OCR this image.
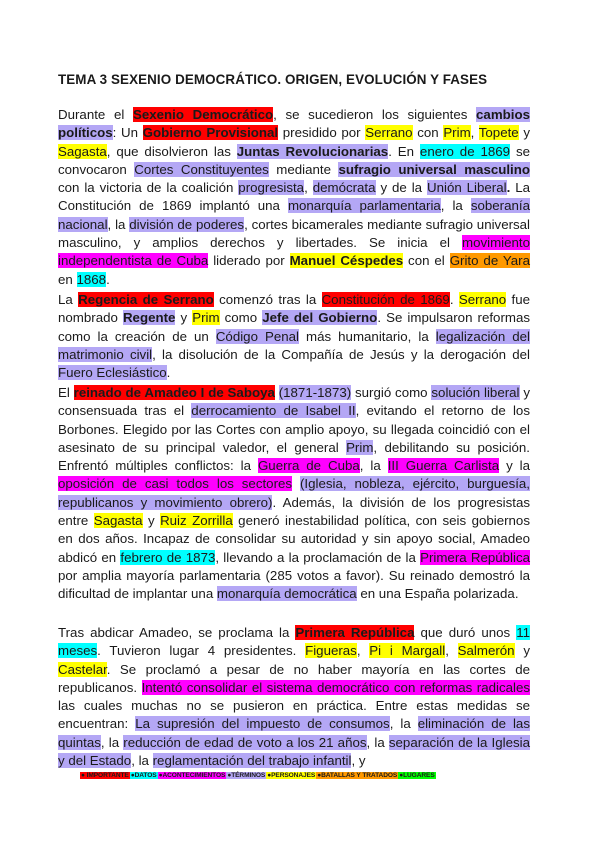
TEMA 3 SEXENIO DEMOCRÁTICO. ORIGEN, EVOLUCIÓN Y FASES
Durante el Sexenio Democrático, se sucedieron los siguientes cambios políticos: Un Gobierno Provisional presidido por Serrano con Prim, Topete y Sagasta, que disolvieron las Juntas Revolucionarias. En enero de 1869 se convocaron Cortes Constituyentes mediante sufragio universal masculino con la victoria de la coalición progresista, demócrata y de la Unión Liberal. La Constitución de 1869 implantó una monarquía parlamentaria, la soberanía nacional, la división de poderes, cortes bicamerales mediante sufragio universal masculino, y amplios derechos y libertades. Se inicia el movimiento independentista de Cuba liderado por Manuel Céspedes con el Grito de Yara en 1868.
La Regencia de Serrano comenzó tras la Constitución de 1869. Serrano fue nombrado Regente y Prim como Jefe del Gobierno. Se impulsaron reformas como la creación de un Código Penal más humanitario, la legalización del matrimonio civil, la disolución de la Compañía de Jesús y la derogación del Fuero Eclesiástico.
El reinado de Amadeo I de Saboya (1871-1873) surgió como solución liberal y consensuada tras el derrocamiento de Isabel II, evitando el retorno de los Borbones. Elegido por las Cortes con amplio apoyo, su llegada coincidió con el asesinato de su principal valedor, el general Prim, debilitando su posición. Enfrentó múltiples conflictos: la Guerra de Cuba, la III Guerra Carlista y la oposición de casi todos los sectores (Iglesia, nobleza, ejército, burguesía, republicanos y movimiento obrero). Además, la división de los progresistas entre Sagasta y Ruiz Zorrilla generó inestabilidad política, con seis gobiernos en dos años. Incapaz de consolidar su autoridad y sin apoyo social, Amadeo abdicó en febrero de 1873, llevando a la proclamación de la Primera República por amplia mayoría parlamentaria (285 votos a favor). Su reinado demostró la dificultad de implantar una monarquía democrática en una España polarizada.
Tras abdicar Amadeo, se proclama la Primera República que duró unos 11 meses. Tuvieron lugar 4 presidentes. Figueras, Pi i Margall, Salmerón y Castelar. Se proclamó a pesar de no haber mayoría en las cortes de republicanos. Intentó consolidar el sistema democrático con reformas radicales las cuales muchas no se pusieron en práctica. Entre estas medidas se encuentran: La supresión del impuesto de consumos, la eliminación de las quintas, la reducción de edad de voto a los 21 años, la separación de la Iglesia y del Estado, la reglamentación del trabajo infantil, y
● IMPORTANTE ●DATOS ●ACONTECIMIENTOS ●TÉRMINOS ●PERSONAJES ●BATALLAS Y TRATADOS ●LUGARES
